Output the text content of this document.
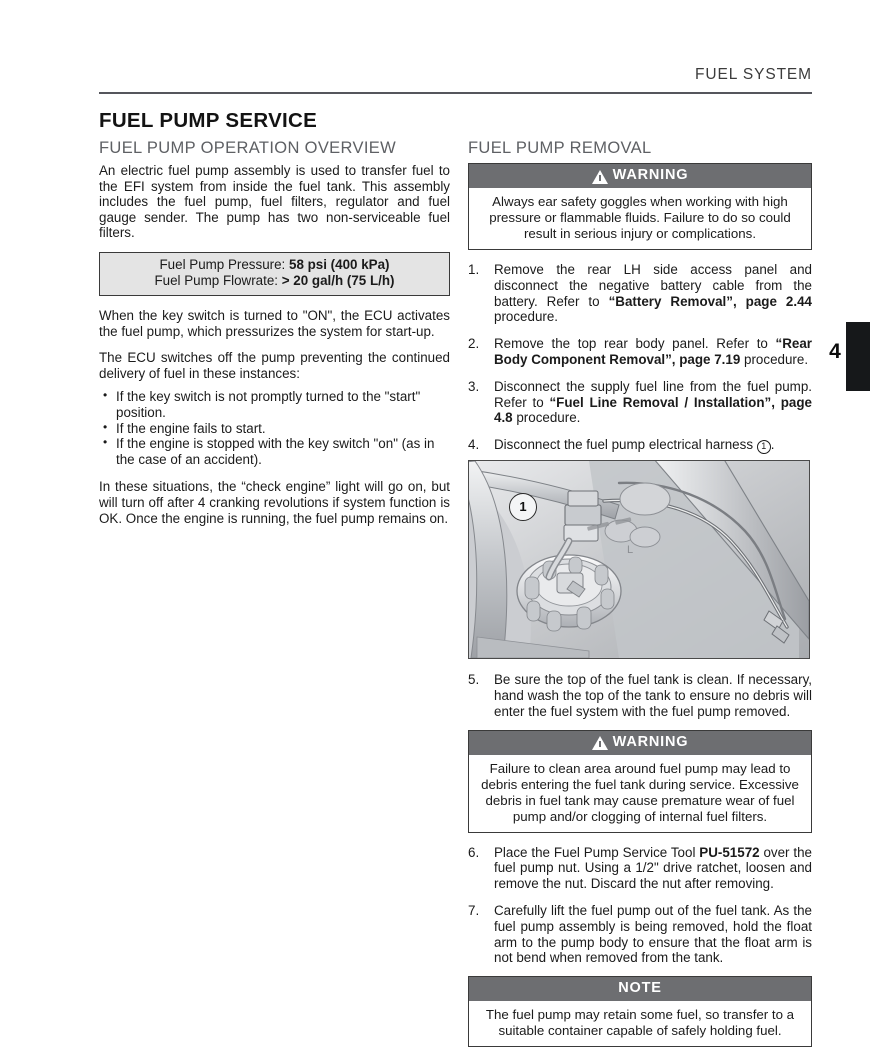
FUEL SYSTEM
4
FUEL PUMP SERVICE
FUEL PUMP OPERATION OVERVIEW	FUEL PUMP REMOVAL

An electric fuel pump assembly is used to transfer fuel to the EFI system from inside the fuel tank. This assembly includes the fuel pump, fuel filters, regulator and fuel gauge sender. The pump has two non-serviceable fuel filters.

Fuel Pump Pressure: 58 psi (400 kPa)
Fuel Pump Flowrate: > 20 gal/h (75 L/h)

When the key switch is turned to "ON", the ECU activates the fuel pump, which pressurizes the system for start-up.

The ECU switches off the pump preventing the continued delivery of fuel in these instances:

• If the key switch is not promptly turned to the "start" position.
• If the engine fails to start.
• If the engine is stopped with the key switch "on" (as in the case of an accident).

In these situations, the “check engine” light will go on, but will turn off after 4 cranking revolutions if system function is OK. Once the engine is running, the fuel pump remains on.

WARNING
Always ear safety goggles when working with high pressure or flammable fluids. Failure to do so could result in serious injury or complications.
1.	Remove the rear LH side access panel and disconnect the negative battery cable from the battery. Refer to “Battery Removal”, page 2.44 procedure.
2.	Remove the top rear body panel. Refer to “Rear Body Component Removal”, page 7.19 procedure.
3.	Disconnect the supply fuel line from the fuel pump. Refer to “Fuel Line Removal / Installation”, page 4.8 procedure.
4.	Disconnect the fuel pump electrical harness 1 .
L
1
5.	Be sure the top of the fuel tank is clean. If necessary, hand wash the top of the tank to ensure no debris will enter the fuel system with the fuel pump removed.
WARNING
Failure to clean area around fuel pump may lead to debris entering the fuel tank during service. Excessive debris in fuel tank may cause premature wear of fuel pump and/or clogging of internal fuel filters.
6.	Place the Fuel Pump Service Tool PU-51572 over the fuel pump nut. Using a 1/2" drive ratchet, loosen and remove the nut. Discard the nut after removing.
7.	Carefully lift the fuel pump out of the fuel tank. As the fuel pump assembly is being removed, hold the float arm to the pump body to ensure that the float arm is not bend when removed from the tank.
NOTE
The fuel pump may retain some fuel, so transfer to a suitable container capable of safely holding fuel.
